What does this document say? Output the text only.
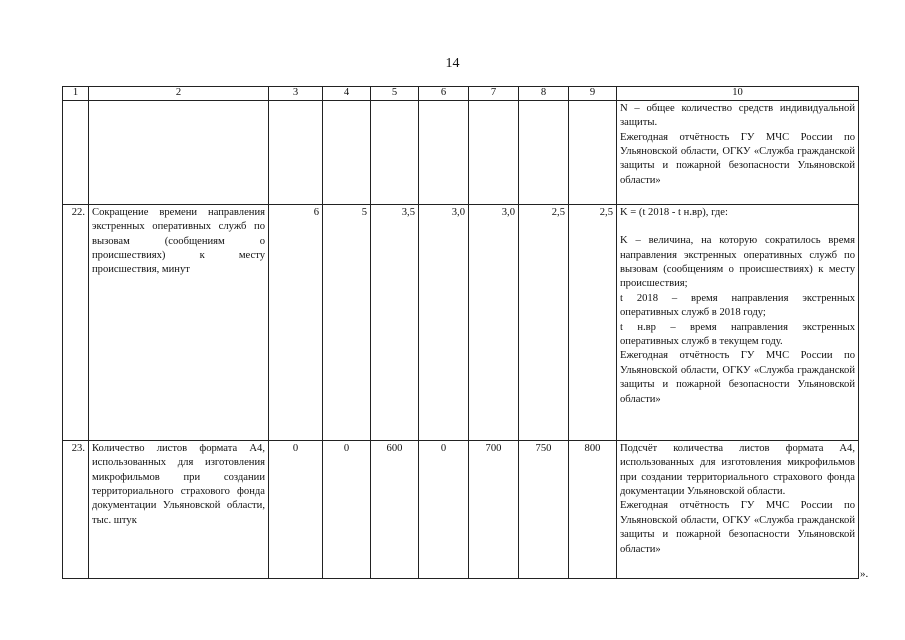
14
1	2	3	4	5	6	7	8	9	10

									N – общее количество средств индивидуальной защиты.
Ежегодная отчётность ГУ МЧС России по Ульяновской области, ОГКУ «Служба гражданской защиты и пожарной безопасности Ульяновской области»

22.	Сокращение времени направления экстренных оперативных служб по вызовам (сообщениям о происшествиях) к месту происшествия, минут	6	5	3,5	3,0	3,0	2,5	2,5	K = (t 2018 - t н.вр), где:
K – величина, на которую сократилось время направления экстренных оперативных служб по вызовам (сообщениям о происшествиях) к месту происшествия;
t 2018 – время направления экстренных оперативных служб в 2018 году;
t н.вр – время направления экстренных оперативных служб в текущем году.
Ежегодная отчётность ГУ МЧС России по Ульяновской области, ОГКУ «Служба гражданской защиты и пожарной безопасности Ульяновской области»

23.	Количество листов формата А4, использованных для изготовления микрофильмов при создании территориального страхового фонда документации Ульяновской области, тыс. штук	0	0	600	0	700	750	800	Подсчёт количества листов формата А4, использованных для изготовления микрофильмов при создании территориального страхового фонда документации Ульяновской области.
Ежегодная отчётность ГУ МЧС России по Ульяновской области, ОГКУ «Служба гражданской защиты и пожарной безопасности Ульяновской области»
».
